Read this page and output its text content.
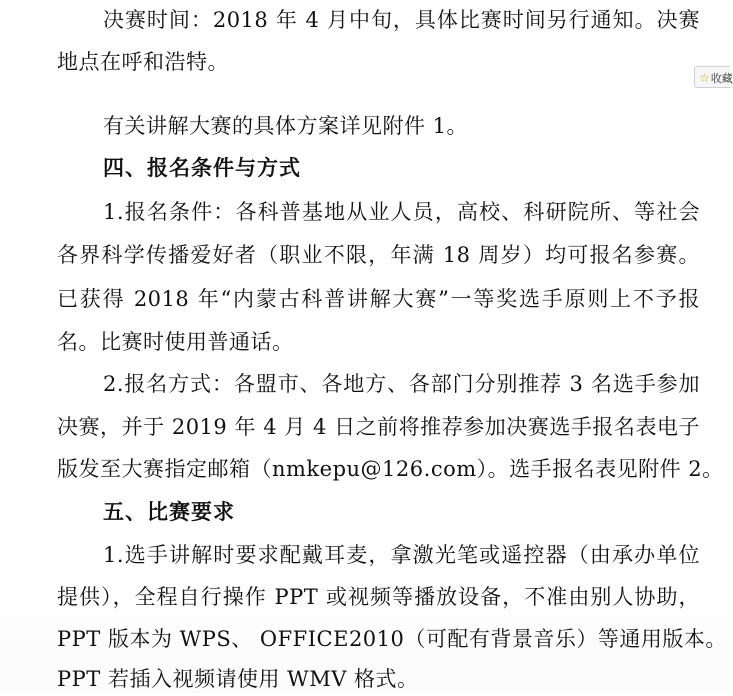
决赛时间：2018 年 4 月中旬，具体比赛时间另行通知。决赛
地点在呼和浩特。
有关讲解大赛的具体方案详见附件 1。
四、报名条件与方式
1.报名条件：各科普基地从业人员，高校、科研院所、等社会
各界科学传播爱好者（职业不限，年满 18 周岁）均可报名参赛。
已获得 2018 年“内蒙古科普讲解大赛”一等奖选手原则上不予报
名。比赛时使用普通话。
2.报名方式：各盟市、各地方、各部门分别推荐 3 名选手参加
决赛，并于 2019 年 4 月 4 日之前将推荐参加决赛选手报名表电子
版发至大赛指定邮箱（nmkepu@126.com）。选手报名表见附件 2。
五、比赛要求
1.选手讲解时要求配戴耳麦，拿激光笔或遥控器（由承办单位
提供），全程自行操作 PPT 或视频等播放设备，不准由别人协助，
PPT 版本为 WPS、 OFFICE2010（可配有背景音乐）等通用版本。
PPT 若插入视频请使用 WMV 格式。
☆收藏
